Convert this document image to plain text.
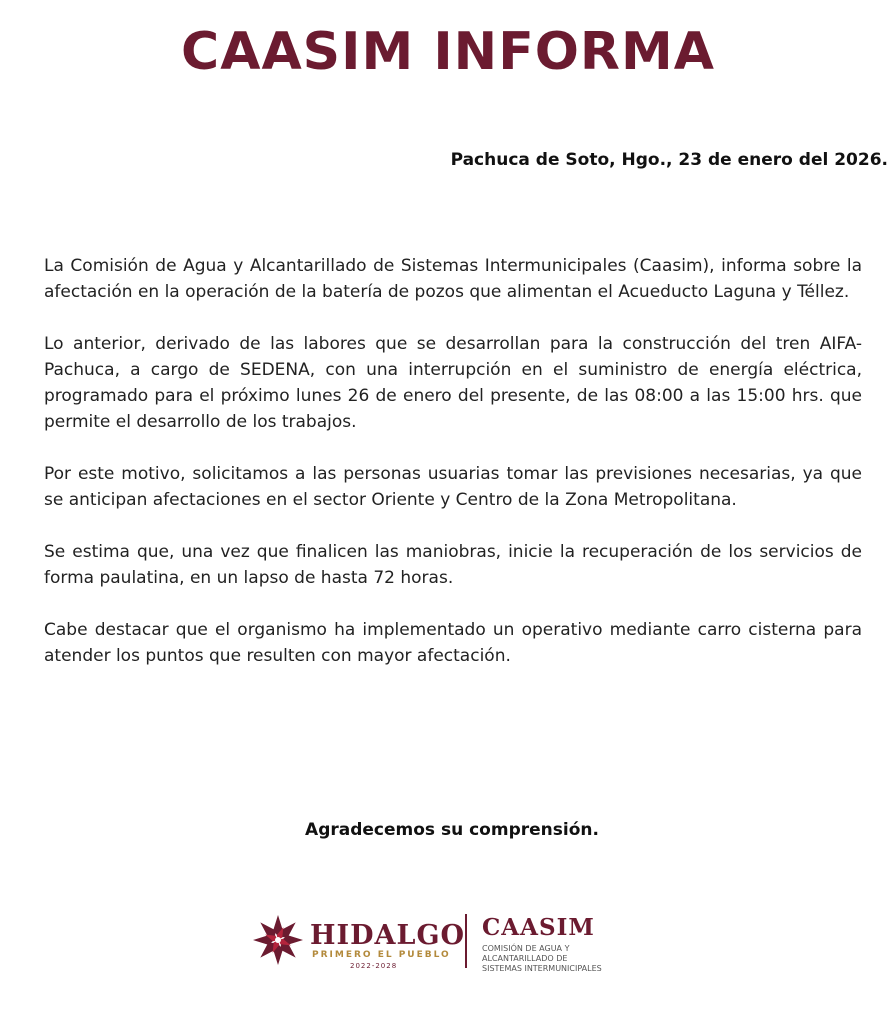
CAASIM INFORMA
Pachuca de Soto, Hgo., 23 de enero del 2026.

La Comisión de Agua y Alcantarillado de Sistemas Intermunicipales (Caasim), informa sobre la afectación en la operación de la batería de pozos que alimentan el Acueducto Laguna y Téllez.

Lo anterior, derivado de las labores que se desarrollan para la construcción del tren AIFA-Pachuca, a cargo de SEDENA, con una interrupción en el suministro de energía eléctrica, programado para el próximo lunes 26 de enero del presente, de las 08:00 a las 15:00 hrs. que permite el desarrollo de los trabajos.

Por este motivo, solicitamos a las personas usuarias tomar las previsiones necesarias, ya que se anticipan afectaciones en el sector Oriente y Centro de la Zona Metropolitana.

Se estima que, una vez que finalicen las maniobras, inicie la recuperación de los servicios de forma paulatina, en un lapso de hasta 72 horas.

Cabe destacar que el organismo ha implementado un operativo mediante carro cisterna para atender los puntos que resulten con mayor afectación.

Agradecemos su comprensión.
HIDALGO
PRIMERO EL PUEBLO
2022-2028
CAASIM
COMISIÓN DE AGUA Y
ALCANTARILLADO DE
SISTEMAS INTERMUNICIPALES
